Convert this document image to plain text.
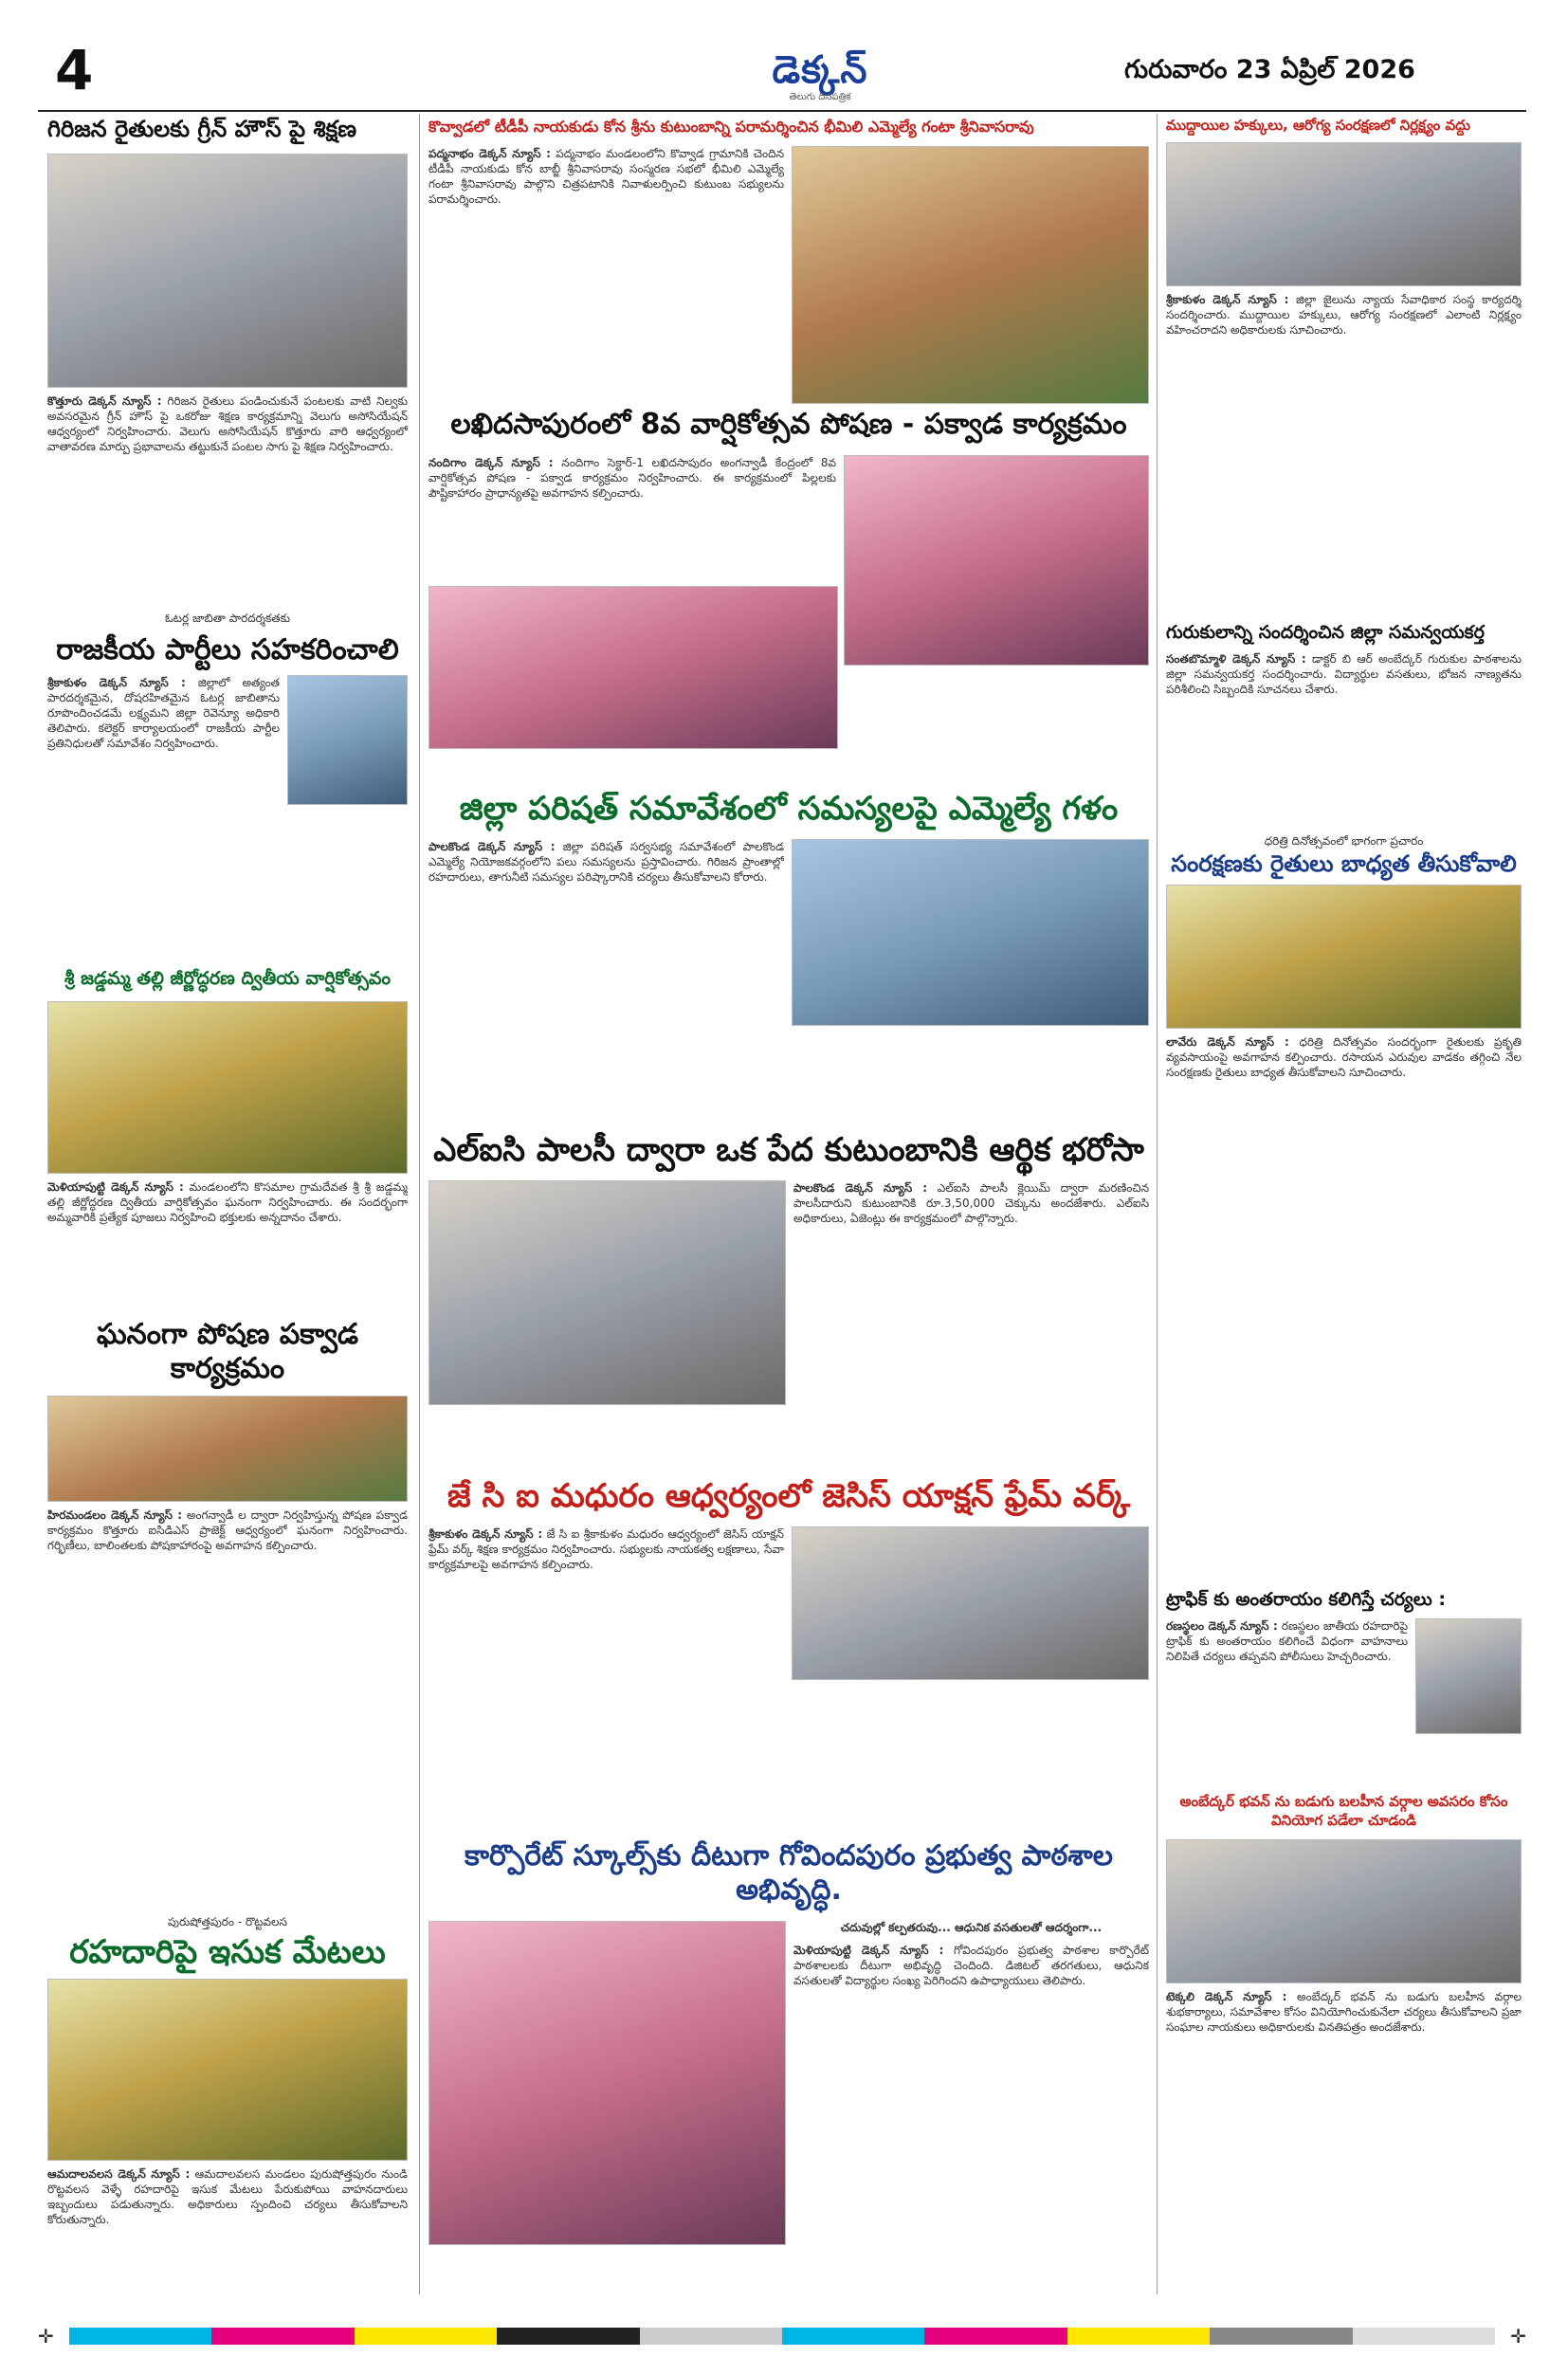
4	డెక్కన్
తెలుగు దినపత్రిక
గురువారం 23 ఏప్రిల్ 2026
గిరిజన రైతులకు గ్రీన్ హౌస్ పై శిక్షణ
కొత్తూరు డెక్కన్ న్యూస్ : గిరిజన రైతులు పండించుకునే పంటలకు వాటి నిల్వకు అవసరమైన గ్రీన్ హౌస్ పై ఒకరోజు శిక్షణ కార్యక్రమాన్ని వెలుగు అసోసియేషన్ ఆధ్వర్యంలో నిర్వహించారు. వెలుగు అసోసియేషన్ కొత్తూరు వారి ఆధ్వర్యంలో వాతావరణ మార్పు ప్రభావాలను తట్టుకునే పంటల సాగు పై శిక్షణ నిర్వహించారు.
ఓటర్ల జాబితా పారదర్శకతకు
రాజకీయ పార్టీలు సహకరించాలి
శ్రీకాకుళం డెక్కన్ న్యూస్ : జిల్లాలో అత్యంత పారదర్శకమైన, దోషరహితమైన ఓటర్ల జాబితాను రూపొందించడమే లక్ష్యమని జిల్లా రెవెన్యూ అధికారి తెలిపారు. కలెక్టర్ కార్యాలయంలో రాజకీయ పార్టీల ప్రతినిధులతో సమావేశం నిర్వహించారు.
శ్రీ జడ్డమ్మ తల్లి జీర్ణోద్ధరణ ద్వితీయ వార్షికోత్సవం
మెళియాపుట్టి డెక్కన్ న్యూస్ : మండలంలోని కొసమాల గ్రామదేవత శ్రీ శ్రీ జడ్డమ్మ తల్లి జీర్ణోద్ధరణ ద్వితీయ వార్షికోత్సవం ఘనంగా నిర్వహించారు. ఈ సందర్భంగా అమ్మవారికి ప్రత్యేక పూజలు నిర్వహించి భక్తులకు అన్నదానం చేశారు.
ఘనంగా పోషణ పక్వాడ కార్యక్రమం
హిరమండలం డెక్కన్ న్యూస్ : అంగన్వాడీ ల ద్వారా నిర్వహిస్తున్న పోషణ పక్వాడ కార్యక్రమం కొత్తూరు ఐసిడిఎస్ ప్రాజెక్ట్ ఆధ్వర్యంలో ఘనంగా నిర్వహించారు. గర్భిణీలు, బాలింతలకు పోషకాహారంపై అవగాహన కల్పించారు.
పురుషోత్తపురం - రొట్టవలస
రహదారిపై ఇసుక మేటలు
ఆమదాలవలస డెక్కన్ న్యూస్ : ఆమదాలవలస మండలం పురుషోత్తపురం నుండి రొట్టవలస వెళ్ళే రహదారిపై ఇసుక మేటలు పేరుకుపోయి వాహనదారులు ఇబ్బందులు పడుతున్నారు. అధికారులు స్పందించి చర్యలు తీసుకోవాలని కోరుతున్నారు.
కొవ్వాడలో టీడీపీ నాయకుడు కోన శ్రీను కుటుంబాన్ని పరామర్శించిన భీమిలి ఎమ్మెల్యే గంటా శ్రీనివాసరావు
పద్మనాభం డెక్కన్ న్యూస్ : పద్మనాభం మండలంలోని కొవ్వాడ గ్రామానికి చెందిన టీడీపీ నాయకుడు కోన బాబ్జీ శ్రీనివాసరావు సంస్మరణ సభలో భీమిలి ఎమ్మెల్యే గంటా శ్రీనివాసరావు పాల్గొని చిత్రపటానికి నివాళులర్పించి కుటుంబ సభ్యులను పరామర్శించారు.
లఖిదసాపురంలో 8వ వార్షికోత్సవ పోషణ - పక్వాడ కార్యక్రమం
నందిగాం డెక్కన్ న్యూస్ : నందిగాం సెక్టార్-1 లఖిదసాపురం అంగన్వాడీ కేంద్రంలో 8వ వార్షికోత్సవ పోషణ - పక్వాడ కార్యక్రమం నిర్వహించారు. ఈ కార్యక్రమంలో పిల్లలకు పౌష్టికాహారం ప్రాధాన్యతపై అవగాహన కల్పించారు.
జిల్లా పరిషత్ సమావేశంలో సమస్యలపై ఎమ్మెల్యే గళం
పాలకొండ డెక్కన్ న్యూస్ : జిల్లా పరిషత్ సర్వసభ్య సమావేశంలో పాలకొండ ఎమ్మెల్యే నియోజకవర్గంలోని పలు సమస్యలను ప్రస్తావించారు. గిరిజన ప్రాంతాల్లో రహదారులు, తాగునీటి సమస్యల పరిష్కారానికి చర్యలు తీసుకోవాలని కోరారు.
ఎల్ఐసి పాలసీ ద్వారా ఒక పేద కుటుంబానికి ఆర్థిక భరోసా
పాలకొండ డెక్కన్ న్యూస్ : ఎల్ఐసి పాలసీ క్లెయిమ్ ద్వారా మరణించిన పాలసీదారుని కుటుంబానికి రూ.3,50,000 చెక్కును అందజేశారు. ఎల్ఐసి అధికారులు, ఏజెంట్లు ఈ కార్యక్రమంలో పాల్గొన్నారు.
జే సి ఐ మధురం ఆధ్వర్యంలో జెసిస్ యాక్షన్ ఫ్రేమ్ వర్క్
శ్రీకాకుళం డెక్కన్ న్యూస్ : జే సి ఐ శ్రీకాకుళం మధురం ఆధ్వర్యంలో జెసిస్ యాక్షన్ ఫ్రేమ్ వర్క్ శిక్షణ కార్యక్రమం నిర్వహించారు. సభ్యులకు నాయకత్వ లక్షణాలు, సేవా కార్యక్రమాలపై అవగాహన కల్పించారు.
కార్పొరేట్ స్కూల్స్‌కు దీటుగా గోవిందపురం ప్రభుత్వ పాఠశాల అభివృద్ధి.
చదువుల్లో కల్పతరువు... ఆధునిక వసతులతో ఆదర్శంగా...
మెళియాపుట్టి డెక్కన్ న్యూస్ : గోవిందపురం ప్రభుత్వ పాఠశాల కార్పొరేట్ పాఠశాలలకు దీటుగా అభివృద్ధి చెందింది. డిజిటల్ తరగతులు, ఆధునిక వసతులతో విద్యార్థుల సంఖ్య పెరిగిందని ఉపాధ్యాయులు తెలిపారు.
ముద్దాయిల హక్కులు, ఆరోగ్య సంరక్షణలో నిర్లక్ష్యం వద్దు
శ్రీకాకుళం డెక్కన్ న్యూస్ : జిల్లా జైలును న్యాయ సేవాధికార సంస్థ కార్యదర్శి సందర్శించారు. ముద్దాయిల హక్కులు, ఆరోగ్య సంరక్షణలో ఎలాంటి నిర్లక్ష్యం వహించరాదని అధికారులకు సూచించారు.
గురుకులాన్ని సందర్శించిన జిల్లా సమన్వయకర్త
సంతబొమ్మాళి డెక్కన్ న్యూస్ : డాక్టర్ బి ఆర్ అంబేద్కర్ గురుకుల పాఠశాలను జిల్లా సమన్వయకర్త సందర్శించారు. విద్యార్థుల వసతులు, భోజన నాణ్యతను పరిశీలించి సిబ్బందికి సూచనలు చేశారు.
ధరిత్రి దినోత్సవంలో భాగంగా ప్రచారం
సంరక్షణకు రైతులు బాధ్యత తీసుకోవాలి
లావేరు డెక్కన్ న్యూస్ : ధరిత్రి దినోత్సవం సందర్భంగా రైతులకు ప్రకృతి వ్యవసాయంపై అవగాహన కల్పించారు. రసాయన ఎరువుల వాడకం తగ్గించి నేల సంరక్షణకు రైతులు బాధ్యత తీసుకోవాలని సూచించారు.
ట్రాఫిక్ కు అంతరాయం కలిగిస్తే చర్యలు :
రణస్థలం డెక్కన్ న్యూస్ : రణస్థలం జాతీయ రహదారిపై ట్రాఫిక్ కు అంతరాయం కలిగించే విధంగా వాహనాలు నిలిపితే చర్యలు తప్పవని పోలీసులు హెచ్చరించారు.
అంబేద్కర్ భవన్ ను బడుగు బలహీన వర్గాల అవసరం కోసం వినియోగ పడేలా చూడండి
టెక్కలి డెక్కన్ న్యూస్ : అంబేద్కర్ భవన్ ను బడుగు బలహీన వర్గాల శుభకార్యాలు, సమావేశాల కోసం వినియోగించుకునేలా చర్యలు తీసుకోవాలని ప్రజా సంఘాల నాయకులు అధికారులకు వినతిపత్రం అందజేశారు.
✛	✛
